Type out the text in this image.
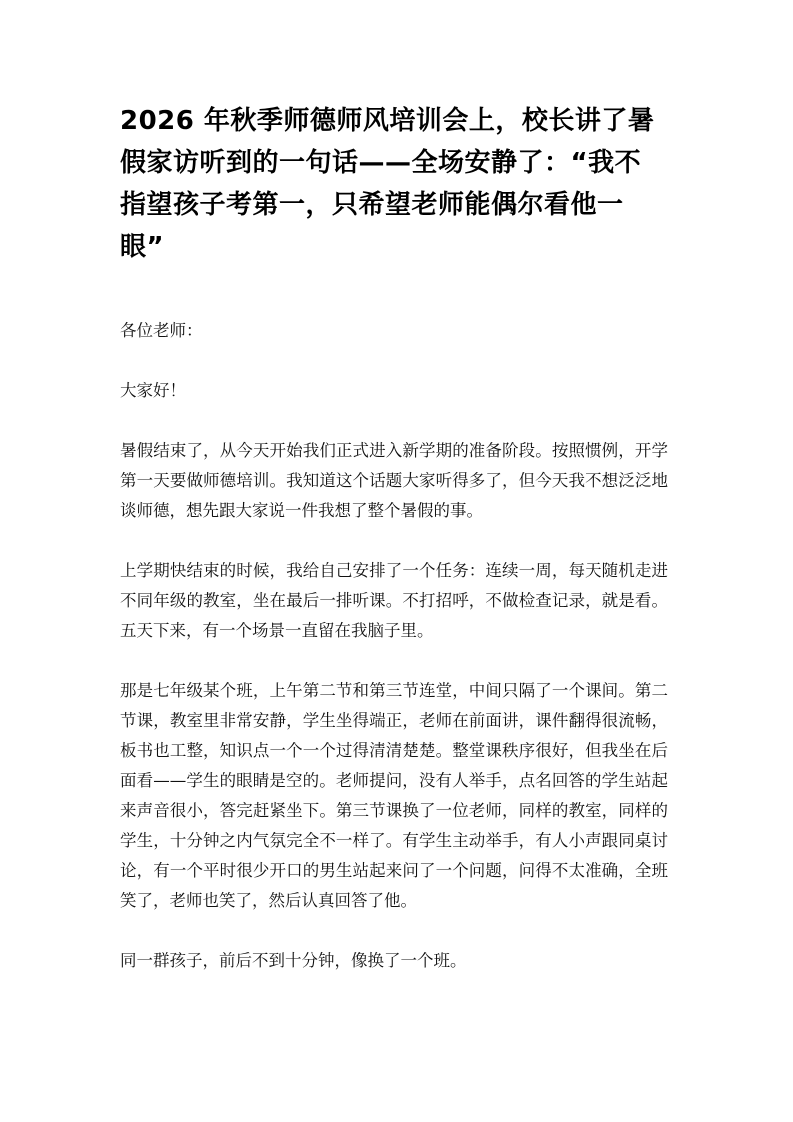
2026 年秋季师德师风培训会上，校长讲了暑假家访听到的一句话——全场安静了：“我不指望孩子考第一，只希望老师能偶尔看他一眼”

各位老师：

大家好！

暑假结束了，从今天开始我们正式进入新学期的准备阶段。按照惯例，开学第一天要做师德培训。我知道这个话题大家听得多了，但今天我不想泛泛地谈师德，想先跟大家说一件我想了整个暑假的事。

上学期快结束的时候，我给自己安排了一个任务：连续一周，每天随机走进不同年级的教室，坐在最后一排听课。不打招呼，不做检查记录，就是看。五天下来，有一个场景一直留在我脑子里。

那是七年级某个班，上午第二节和第三节连堂，中间只隔了一个课间。第二节课，教室里非常安静，学生坐得端正，老师在前面讲，课件翻得很流畅，板书也工整，知识点一个一个过得清清楚楚。整堂课秩序很好，但我坐在后面看——学生的眼睛是空的。老师提问，没有人举手，点名回答的学生站起来声音很小，答完赶紧坐下。第三节课换了一位老师，同样的教室，同样的学生，十分钟之内气氛完全不一样了。有学生主动举手，有人小声跟同桌讨论，有一个平时很少开口的男生站起来问了一个问题，问得不太准确，全班笑了，老师也笑了，然后认真回答了他。

同一群孩子，前后不到十分钟，像换了一个班。
